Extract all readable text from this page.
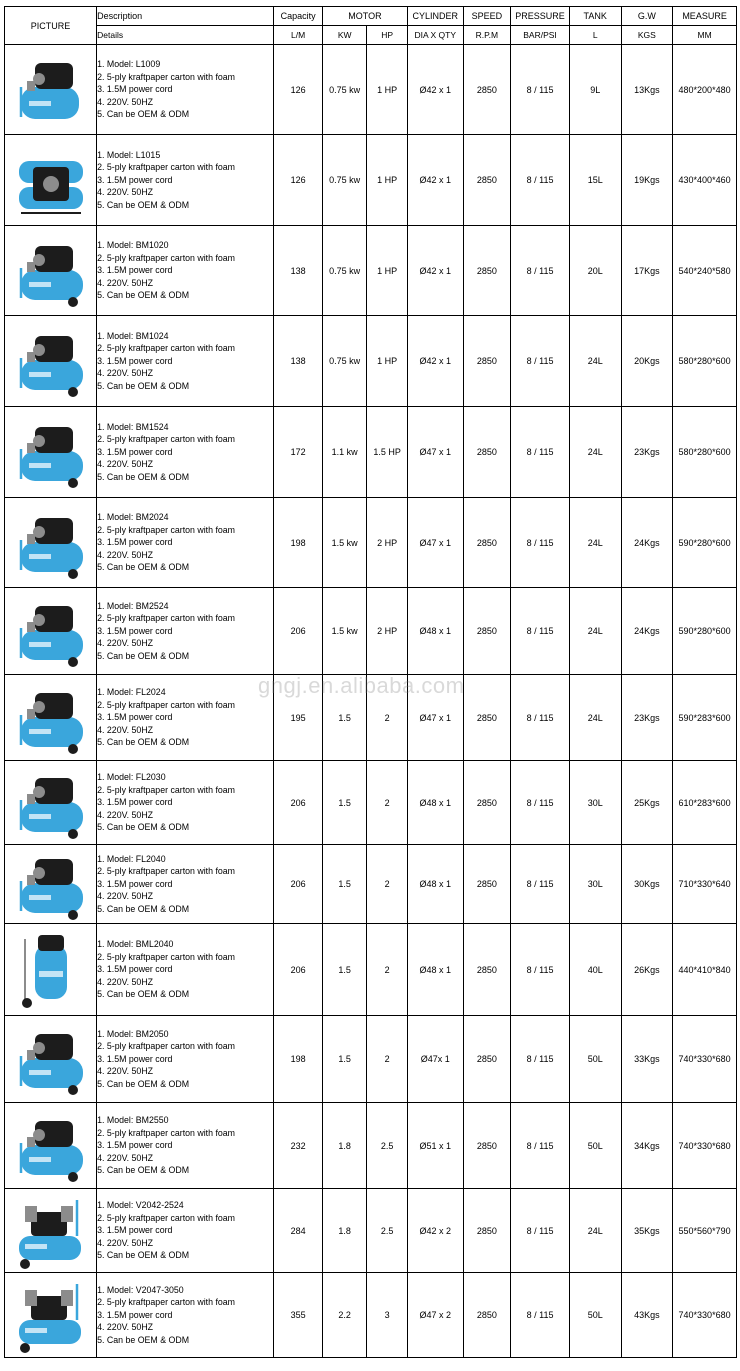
PICTURE	Description	Capacity	MOTOR		CYLINDER	SPEED	PRESSURE	TANK	G.W	MEASURE
	Details	L/M	KW	HP	DIA X QTY	R.P.M	BAR/PSI	L	KGS	MM

1. Model: L1009
2. 5-ply kraftpaper carton with foam
3. 1.5M power cord
4. 220V. 50HZ
5. Can be OEM & ODM	126	0.75 kw	1 HP	Ø42 x 1	2850	8 / 115	9L	13Kgs	480*200*480

1. Model: L1015
2. 5-ply kraftpaper carton with foam
3. 1.5M power cord
4. 220V. 50HZ
5. Can be OEM & ODM	126	0.75 kw	1 HP	Ø42 x 1	2850	8 / 115	15L	19Kgs	430*400*460

1. Model: BM1020
2. 5-ply kraftpaper carton with foam
3. 1.5M power cord
4. 220V. 50HZ
5. Can be OEM & ODM	138	0.75 kw	1 HP	Ø42 x 1	2850	8 / 115	20L	17Kgs	540*240*580

1. Model: BM1024
2. 5-ply kraftpaper carton with foam
3. 1.5M power cord
4. 220V. 50HZ
5. Can be OEM & ODM	138	0.75 kw	1 HP	Ø42 x 1	2850	8 / 115	24L	20Kgs	580*280*600

1. Model: BM1524
2. 5-ply kraftpaper carton with foam
3. 1.5M power cord
4. 220V. 50HZ
5. Can be OEM & ODM	172	1.1 kw	1.5 HP	Ø47 x 1	2850	8 / 115	24L	23Kgs	580*280*600

1. Model: BM2024
2. 5-ply kraftpaper carton with foam
3. 1.5M power cord
4. 220V. 50HZ
5. Can be OEM & ODM	198	1.5 kw	2 HP	Ø47 x 1	2850	8 / 115	24L	24Kgs	590*280*600

1. Model: BM2524
2. 5-ply kraftpaper carton with foam
3. 1.5M power cord
4. 220V. 50HZ
5. Can be OEM & ODM	206	1.5 kw	2 HP	Ø48 x 1	2850	8 / 115	24L	24Kgs	590*280*600

1. Model: FL2024
2. 5-ply kraftpaper carton with foam
3. 1.5M power cord
4. 220V. 50HZ
5. Can be OEM & ODM	195	1.5	2	Ø47 x 1	2850	8 / 115	24L	23Kgs	590*283*600

1. Model: FL2030
2. 5-ply kraftpaper carton with foam
3. 1.5M power cord
4. 220V. 50HZ
5. Can be OEM & ODM	206	1.5	2	Ø48 x 1	2850	8 / 115	30L	25Kgs	610*283*600

1. Model: FL2040
2. 5-ply kraftpaper carton with foam
3. 1.5M power cord
4. 220V. 50HZ
5. Can be OEM & ODM	206	1.5	2	Ø48 x 1	2850	8 / 115	30L	30Kgs	710*330*640

1. Model: BML2040
2. 5-ply kraftpaper carton with foam
3. 1.5M power cord
4. 220V. 50HZ
5. Can be OEM & ODM	206	1.5	2	Ø48 x 1	2850	8 / 115	40L	26Kgs	440*410*840

1. Model: BM2050
2. 5-ply kraftpaper carton with foam
3. 1.5M power cord
4. 220V. 50HZ
5. Can be OEM & ODM	198	1.5	2	Ø47x 1	2850	8 / 115	50L	33Kgs	740*330*680

1. Model: BM2550
2. 5-ply kraftpaper carton with foam
3. 1.5M power cord
4. 220V. 50HZ
5. Can be OEM & ODM	232	1.8	2.5	Ø51 x 1	2850	8 / 115	50L	34Kgs	740*330*680

1. Model: V2042-2524
2. 5-ply kraftpaper carton with foam
3. 1.5M power cord
4. 220V. 50HZ
5. Can be OEM & ODM	284	1.8	2.5	Ø42 x 2	2850	8 / 115	24L	35Kgs	550*560*790

1. Model: V2047-3050
2. 5-ply kraftpaper carton with foam
3. 1.5M power cord
4. 220V. 50HZ
5. Can be OEM & ODM	355	2.2	3	Ø47 x 2	2850	8 / 115	50L	43Kgs	740*330*680
gngj.en.alibaba.com
